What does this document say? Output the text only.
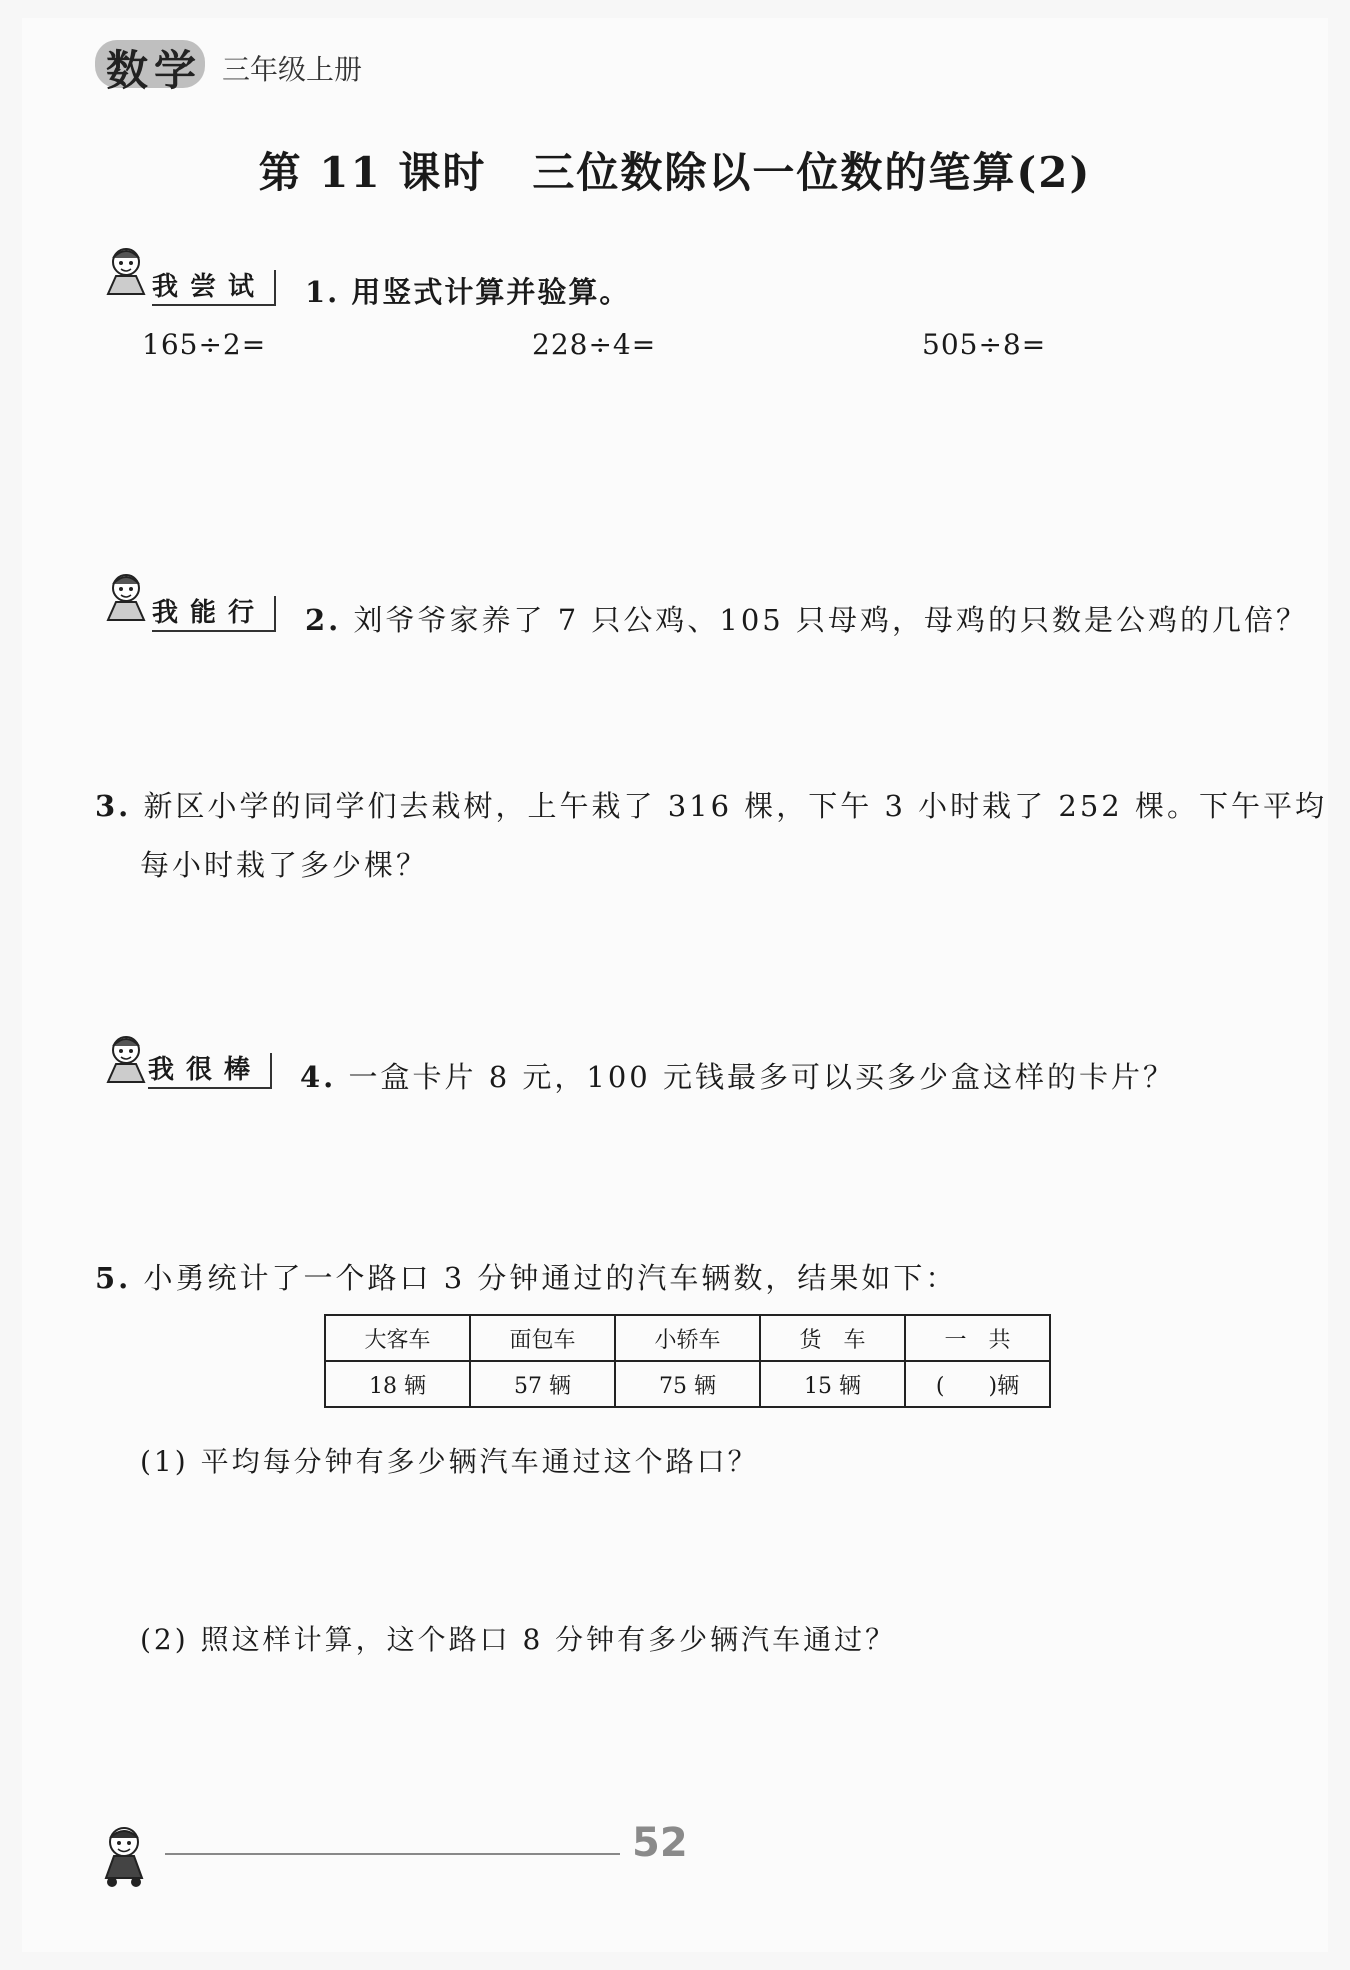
数学 三年级上册
第 11 课时 三位数除以一位数的笔算(2)
我尝试	1. 用竖式计算并验算。
165÷2=	228÷4=	505÷8=
我能行	2. 刘爷爷家养了 7 只公鸡、105 只母鸡，母鸡的只数是公鸡的几倍？
3. 新区小学的同学们去栽树，上午栽了 316 棵，下午 3 小时栽了 252 棵。下午平均
每小时栽了多少棵？
我很棒	4. 一盒卡片 8 元，100 元钱最多可以买多少盒这样的卡片？
5. 小勇统计了一个路口 3 分钟通过的汽车辆数，结果如下：
大客车	面包车	小轿车	货　车	一　共
18 辆	57 辆	75 辆	15 辆	(　　)辆
(1) 平均每分钟有多少辆汽车通过这个路口？
(2) 照这样计算，这个路口 8 分钟有多少辆汽车通过？
52
